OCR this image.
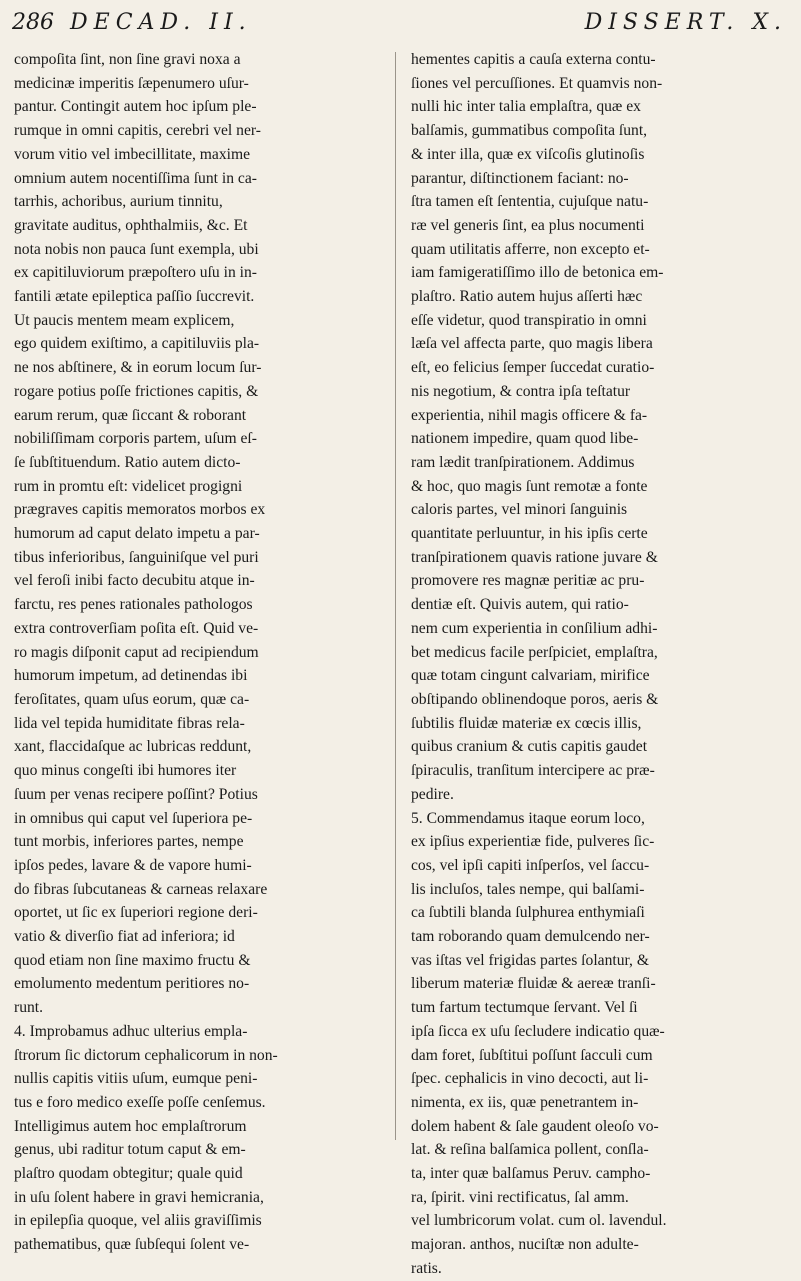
286 DECAD. II.	DISSERT. X.

compoſita ſint, non ſine gravi noxa a

medicinæ imperitis ſæpenumero uſur-

pantur. Contingit autem hoc ipſum ple-

rumque in omni capitis, cerebri vel ner-

vorum vitio vel imbecillitate, maxime

omnium autem nocentiſſima ſunt in ca-

tarrhis, achoribus, aurium tinnitu,

gravitate auditus, ophthalmiis, &c. Et

nota nobis non pauca ſunt exempla, ubi

ex capitiluviorum præpoſtero uſu in in-

fantili ætate epileptica paſſio ſuccrevit.

Ut paucis mentem meam explicem,

ego quidem exiſtimo, a capitiluviis pla-

ne nos abſtinere, & in eorum locum ſur-

rogare potius poſſe frictiones capitis, &

earum rerum, quæ ſiccant & roborant

nobiliſſimam corporis partem, uſum eſ-

ſe ſubſtituendum. Ratio autem dicto-

rum in promtu eſt: videlicet progigni

prægraves capitis memoratos morbos ex

humorum ad caput delato impetu a par-

tibus inferioribus, ſanguiniſque vel puri

vel feroſi inibi facto decubitu atque in-

farctu, res penes rationales pathologos

extra controverſiam poſita eſt. Quid ve-

ro magis diſponit caput ad recipiendum

humorum impetum, ad detinendas ibi

feroſitates, quam uſus eorum, quæ ca-

lida vel tepida humiditate fibras rela-

xant, flaccidaſque ac lubricas reddunt,

quo minus congeſti ibi humores iter

ſuum per venas recipere poſſint? Potius

in omnibus qui caput vel ſuperiora pe-

tunt morbis, inferiores partes, nempe

ipſos pedes, lavare & de vapore humi-

do fibras ſubcutaneas & carneas relaxare

oportet, ut ſic ex ſuperiori regione deri-

vatio & diverſio fiat ad inferiora; id

quod etiam non ſine maximo fructu &

emolumento medentum peritiores no-

runt.

4. Improbamus adhuc ulterius empla-

ſtrorum ſic dictorum cephalicorum in non-

nullis capitis vitiis uſum, eumque peni-

tus e foro medico exeſſe poſſe cenſemus.

Intelligimus autem hoc emplaſtrorum

genus, ubi raditur totum caput & em-

plaſtro quodam obtegitur; quale quid

in uſu ſolent habere in gravi hemicrania,

in epilepſia quoque, vel aliis graviſſimis

pathematibus, quæ ſubſequi ſolent ve-

hementes capitis a cauſa externa contu-

ſiones vel percuſſiones. Et quamvis non-

nulli hic inter talia emplaſtra, quæ ex

balſamis, gummatibus compoſita ſunt,

& inter illa, quæ ex viſcoſis glutinoſis

parantur, diſtinctionem faciant: no-

ſtra tamen eſt ſententia, cujuſque natu-

ræ vel generis ſint, ea plus nocumenti

quam utilitatis afferre, non excepto et-

iam famigeratiſſimo illo de betonica em-

plaſtro. Ratio autem hujus aſſerti hæc

eſſe videtur, quod transpiratio in omni

læſa vel affecta parte, quo magis libera

eſt, eo felicius ſemper ſuccedat curatio-

nis negotium, & contra ipſa teſtatur

experientia, nihil magis officere & fa-

nationem impedire, quam quod libe-

ram lædit tranſpirationem. Addimus

& hoc, quo magis ſunt remotæ a fonte

caloris partes, vel minori ſanguinis

quantitate perluuntur, in his ipſis certe

tranſpirationem quavis ratione juvare &

promovere res magnæ peritiæ ac pru-

dentiæ eſt. Quivis autem, qui ratio-

nem cum experientia in conſilium adhi-

bet medicus facile perſpiciet, emplaſtra,

quæ totam cingunt calvariam, mirifice

obſtipando oblinendoque poros, aeris &

ſubtilis fluidæ materiæ ex cœcis illis,

quibus cranium & cutis capitis gaudet

ſpiraculis, tranſitum intercipere ac præ-

pedire.

5. Commendamus itaque eorum loco,

ex ipſius experientiæ fide, pulveres ſic-

cos, vel ipſi capiti inſperſos, vel ſaccu-

lis incluſos, tales nempe, qui balſami-

ca ſubtili blanda ſulphurea enthymiaſi

tam roborando quam demulcendo ner-

vas iſtas vel frigidas partes ſolantur, &

liberum materiæ fluidæ & aereæ tranſi-

tum fartum tectumque ſervant. Vel ſi

ipſa ſicca ex uſu ſecludere indicatio quæ-

dam foret, ſubſtitui poſſunt ſacculi cum

ſpec. cephalicis in vino decocti, aut li-

nimenta, ex iis, quæ penetrantem in-

dolem habent & ſale gaudent oleoſo vo-

lat. & reſina balſamica pollent, conſla-

ta, inter quæ balſamus Peruv. campho-

ra, ſpirit. vini rectificatus, ſal amm.

vel lumbricorum volat. cum ol. lavendul.

majoran. anthos, nuciſtæ non adulte-

ratis.
